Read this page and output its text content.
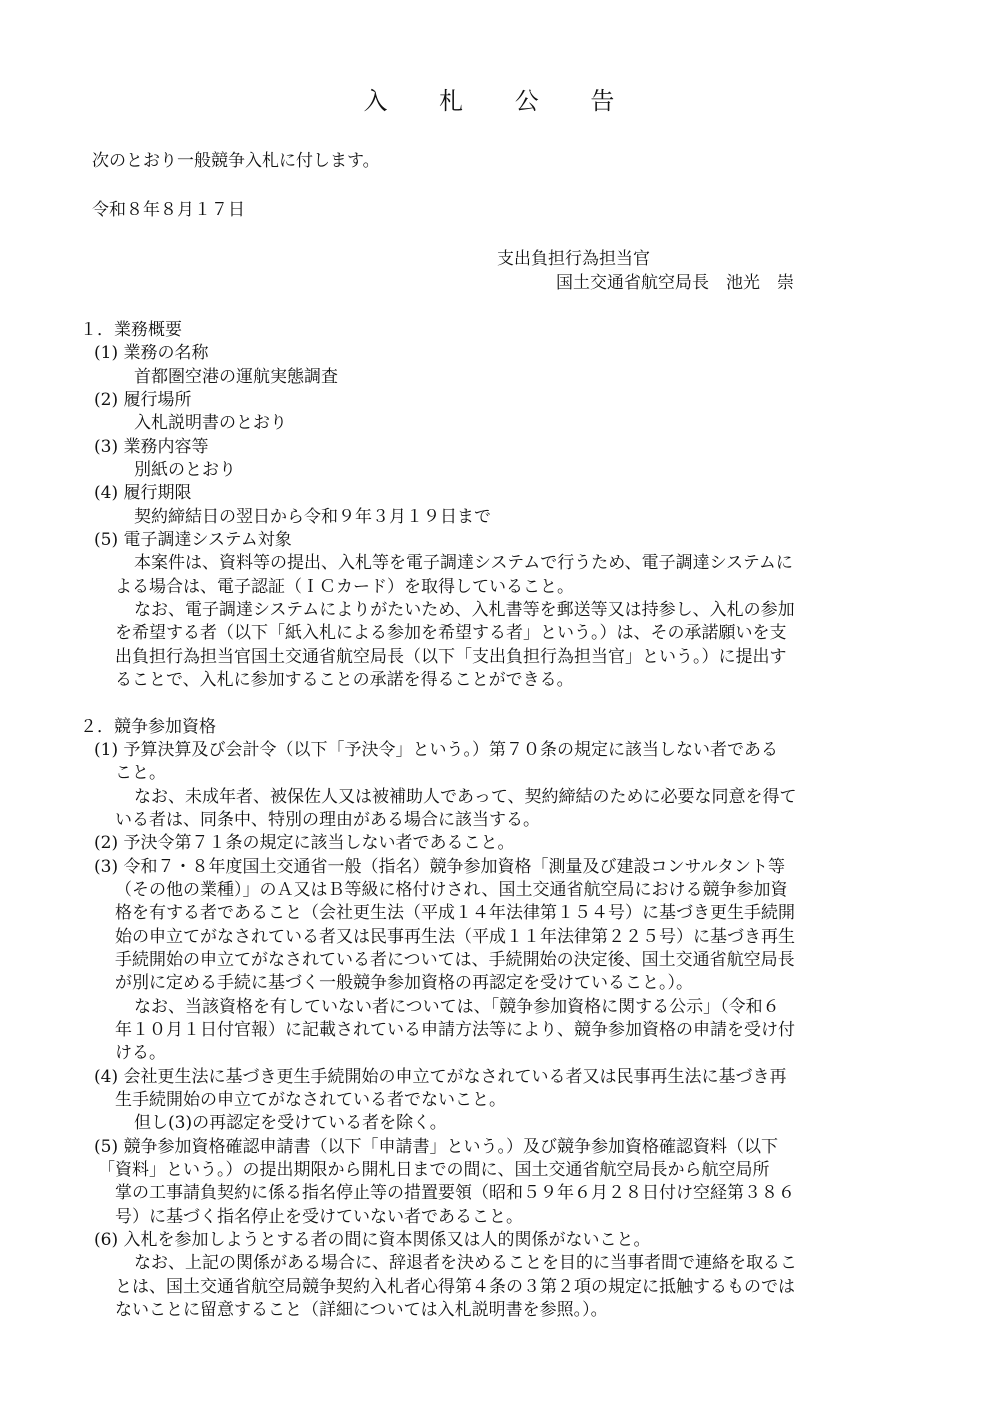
入 札 公 告
次のとおり一般競争入札に付します。
令和８年８月１７日
支出負担行為担当官
国土交通省航空局長　池光　崇
１．業務概要
(1) 業務の名称
首都圏空港の運航実態調査
(2) 履行場所
入札説明書のとおり
(3) 業務内容等
別紙のとおり
(4) 履行期限
契約締結日の翌日から令和９年３月１９日まで
(5) 電子調達システム対象
本案件は、資料等の提出、入札等を電子調達システムで行うため、電子調達システムに
よる場合は、電子認証（ＩＣカード）を取得していること。
なお、電子調達システムによりがたいため、入札書等を郵送等又は持参し、入札の参加
を希望する者（以下「紙入札による参加を希望する者」という。）は、その承諾願いを支
出負担行為担当官国土交通省航空局長（以下「支出負担行為担当官」という。）に提出す
ることで、入札に参加することの承諾を得ることができる。
２．競争参加資格
(1) 予算決算及び会計令（以下「予決令」という。）第７０条の規定に該当しない者である
こと。
なお、未成年者、被保佐人又は被補助人であって、契約締結のために必要な同意を得て
いる者は、同条中、特別の理由がある場合に該当する。
(2) 予決令第７１条の規定に該当しない者であること。
(3) 令和７・８年度国土交通省一般（指名）競争参加資格「測量及び建設コンサルタント等
（その他の業種）」のＡ又はＢ等級に格付けされ、国土交通省航空局における競争参加資
格を有する者であること（会社更生法（平成１４年法律第１５４号）に基づき更生手続開
始の申立てがなされている者又は民事再生法（平成１１年法律第２２５号）に基づき再生
手続開始の申立てがなされている者については、手続開始の決定後、国土交通省航空局長
が別に定める手続に基づく一般競争参加資格の再認定を受けていること。）。
なお、当該資格を有していない者については、「競争参加資格に関する公示」（令和６
年１０月１日付官報）に記載されている申請方法等により、競争参加資格の申請を受け付
ける。
(4) 会社更生法に基づき更生手続開始の申立てがなされている者又は民事再生法に基づき再
生手続開始の申立てがなされている者でないこと。
但し(3)の再認定を受けている者を除く。
(5) 競争参加資格確認申請書（以下「申請書」という。）及び競争参加資格確認資料（以下
「資料」という。）の提出期限から開札日までの間に、国土交通省航空局長から航空局所
掌の工事請負契約に係る指名停止等の措置要領（昭和５９年６月２８日付け空経第３８６
号）に基づく指名停止を受けていない者であること。
(6) 入札を参加しようとする者の間に資本関係又は人的関係がないこと。
なお、上記の関係がある場合に、辞退者を決めることを目的に当事者間で連絡を取るこ
とは、国土交通省航空局競争契約入札者心得第４条の３第２項の規定に抵触するものでは
ないことに留意すること（詳細については入札説明書を参照。）。
